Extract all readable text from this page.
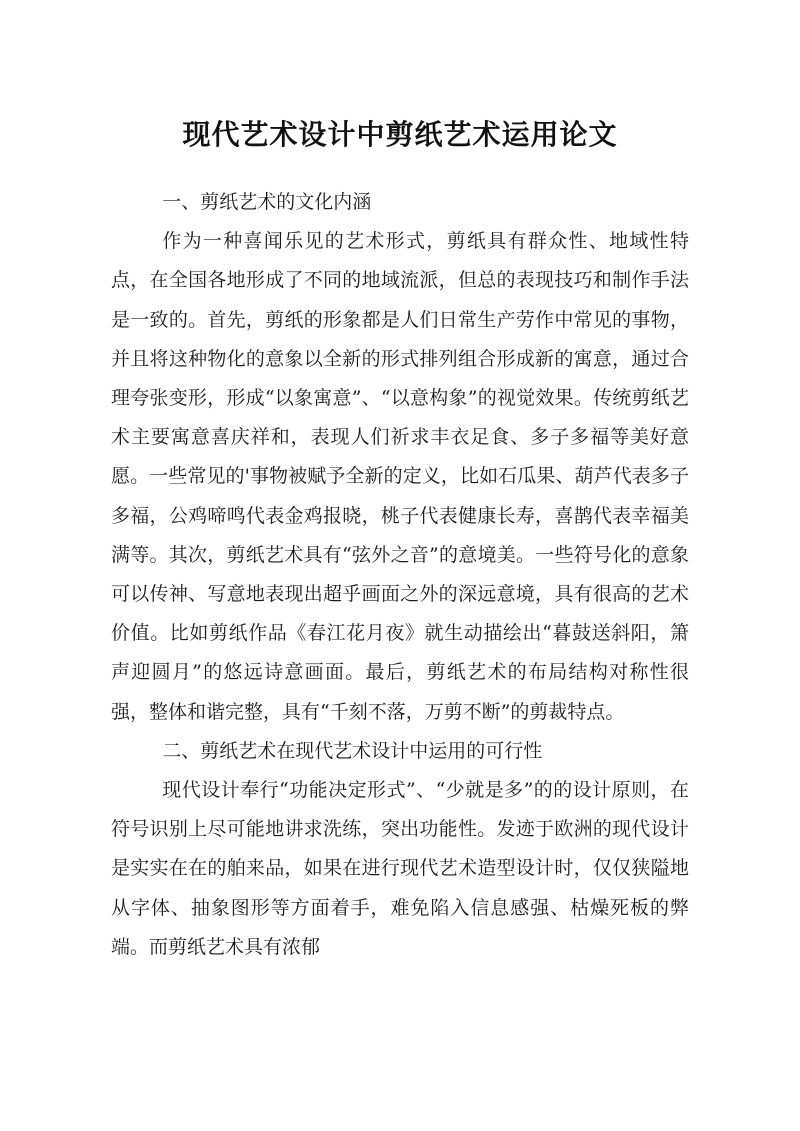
现代艺术设计中剪纸艺术运用论文

一、剪纸艺术的文化内涵

作为一种喜闻乐见的艺术形式，剪纸具有群众性、地域性特点，在全国各地形成了不同的地域流派，但总的表现技巧和制作手法是一致的。首先，剪纸的形象都是人们日常生产劳作中常见的事物，并且将这种物化的意象以全新的形式排列组合形成新的寓意，通过合理夸张变形，形成“以象寓意”、“以意构象”的视觉效果。传统剪纸艺术主要寓意喜庆祥和，表现人们祈求丰衣足食、多子多福等美好意愿。一些常见的'事物被赋予全新的定义，比如石瓜果、葫芦代表多子多福，公鸡啼鸣代表金鸡报晓，桃子代表健康长寿，喜鹊代表幸福美满等。其次，剪纸艺术具有“弦外之音”的意境美。一些符号化的意象可以传神、写意地表现出超乎画面之外的深远意境，具有很高的艺术价值。比如剪纸作品《春江花月夜》就生动描绘出“暮鼓送斜阳，箫声迎圆月”的悠远诗意画面。最后，剪纸艺术的布局结构对称性很强，整体和谐完整，具有“千刻不落，万剪不断”的剪裁特点。

二、剪纸艺术在现代艺术设计中运用的可行性

现代设计奉行“功能决定形式”、“少就是多”的的设计原则，在符号识别上尽可能地讲求洗练，突出功能性。发迹于欧洲的现代设计是实实在在的舶来品，如果在进行现代艺术造型设计时，仅仅狭隘地从字体、抽象图形等方面着手，难免陷入信息感强、枯燥死板的弊端。而剪纸艺术具有浓郁
